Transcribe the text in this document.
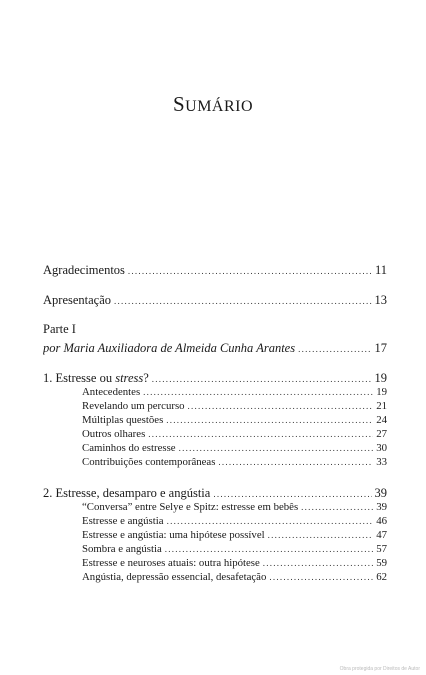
SUMÁRIO
Agradecimentos . . .	11
Apresentação . . .	13
Parte I
por Maria Auxiliadora de Almeida Cunha Arantes . . .	17
1. Estresse ou stress? . . .	19
Antecedentes . . .	19
Revelando um percurso . . .	21
Múltiplas questões . . .	24
Outros olhares . . .	27
Caminhos do estresse . . .	30
Contribuições contemporâneas . . .	33
2. Estresse, desamparo e angústia . . .	39
“Conversa” entre Selye e Spitz: estresse em bebês . . .	39
Estresse e angústia . . .	46
Estresse e angústia: uma hipótese possível . . .	47
Sombra e angústia . . .	57
Estresse e neuroses atuais: outra hipótese . . .	59
Angústia, depressão essencial, desafetação . . .	62
Obra protegida por Direitos de Autor
